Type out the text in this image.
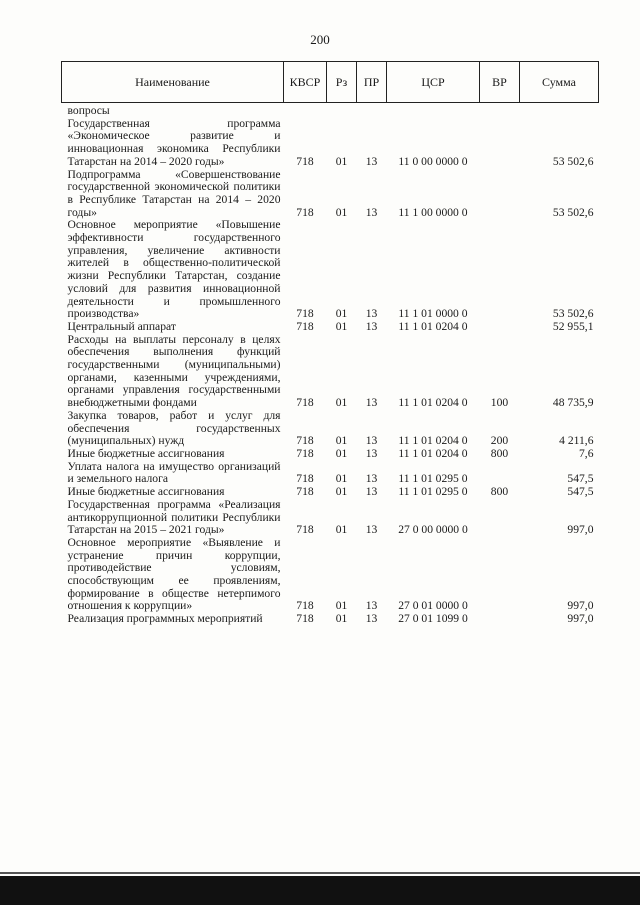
200
Наименование	КВСР	Рз	ПР	ЦСР	ВР	Сумма
вопросы						
Государственная программа «Экономическое развитие и инновационная экономика Республики Татарстан на 2014 – 2020 годы»	718	01	13	11 0 00 0000 0		53 502,6
Подпрограмма «Совершенствование государственной экономической политики в Республике Татарстан на 2014 – 2020 годы»	718	01	13	11 1 00 0000 0		53 502,6
Основное мероприятие «Повышение эффективности государственного управления, увеличение активности жителей в общественно-политической жизни Республики Татарстан, создание условий для развития инновационной деятельности и промышленного производства»	718	01	13	11 1 01 0000 0		53 502,6
Центральный аппарат	718	01	13	11 1 01 0204 0		52 955,1
Расходы на выплаты персоналу в целях обеспечения выполнения функций государственными (муниципальными) органами, казенными учреждениями, органами управления государственными внебюджетными фондами	718	01	13	11 1 01 0204 0	100	48 735,9
Закупка товаров, работ и услуг для обеспечения государственных (муниципальных) нужд	718	01	13	11 1 01 0204 0	200	4 211,6
Иные бюджетные ассигнования	718	01	13	11 1 01 0204 0	800	7,6
Уплата налога на имущество организаций и земельного налога	718	01	13	11 1 01 0295 0		547,5
Иные бюджетные ассигнования	718	01	13	11 1 01 0295 0	800	547,5
Государственная программа «Реализация антикоррупционной политики Республики Татарстан на 2015 – 2021 годы»	718	01	13	27 0 00 0000 0		997,0
Основное мероприятие «Выявление и устранение причин коррупции, противодействие условиям, способствующим ее проявлениям, формирование в обществе нетерпимого отношения к коррупции»	718	01	13	27 0 01 0000 0		997,0
Реализация программных мероприятий	718	01	13	27 0 01 1099 0		997,0
